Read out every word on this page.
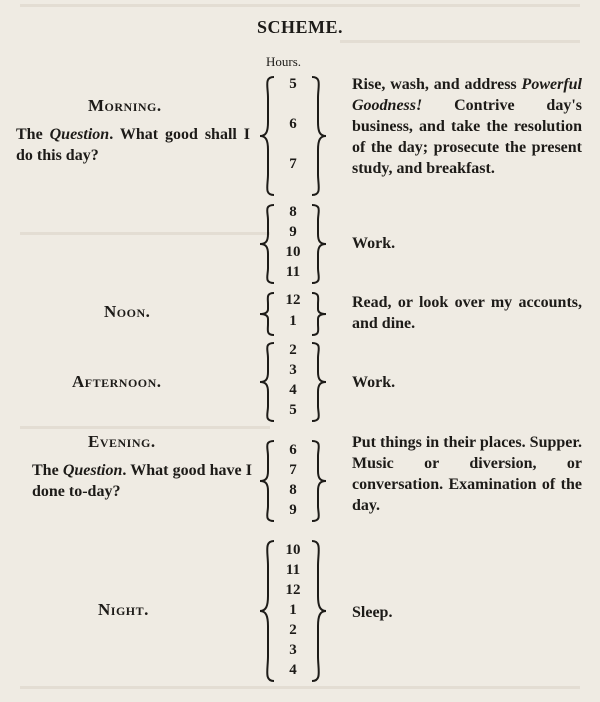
SCHEME.
Hours.
Morning.
The Question. What good shall I do this day?
5
6
7
Rise, wash, and address Powerful Goodness! Contrive day's business, and take the resolution of the day; prosecute the present study, and breakfast.
8
9
10
11
Work.
Noon.
12
1
Read, or look over my accounts, and dine.
Afternoon.
2
3
4
5
Work.
Evening.
The Question. What good have I done to-day?
6
7
8
9
Put things in their places. Supper. Music or diversion, or conversation. Examination of the day.
Night.
10
11
12
1
2
3
4
Sleep.
